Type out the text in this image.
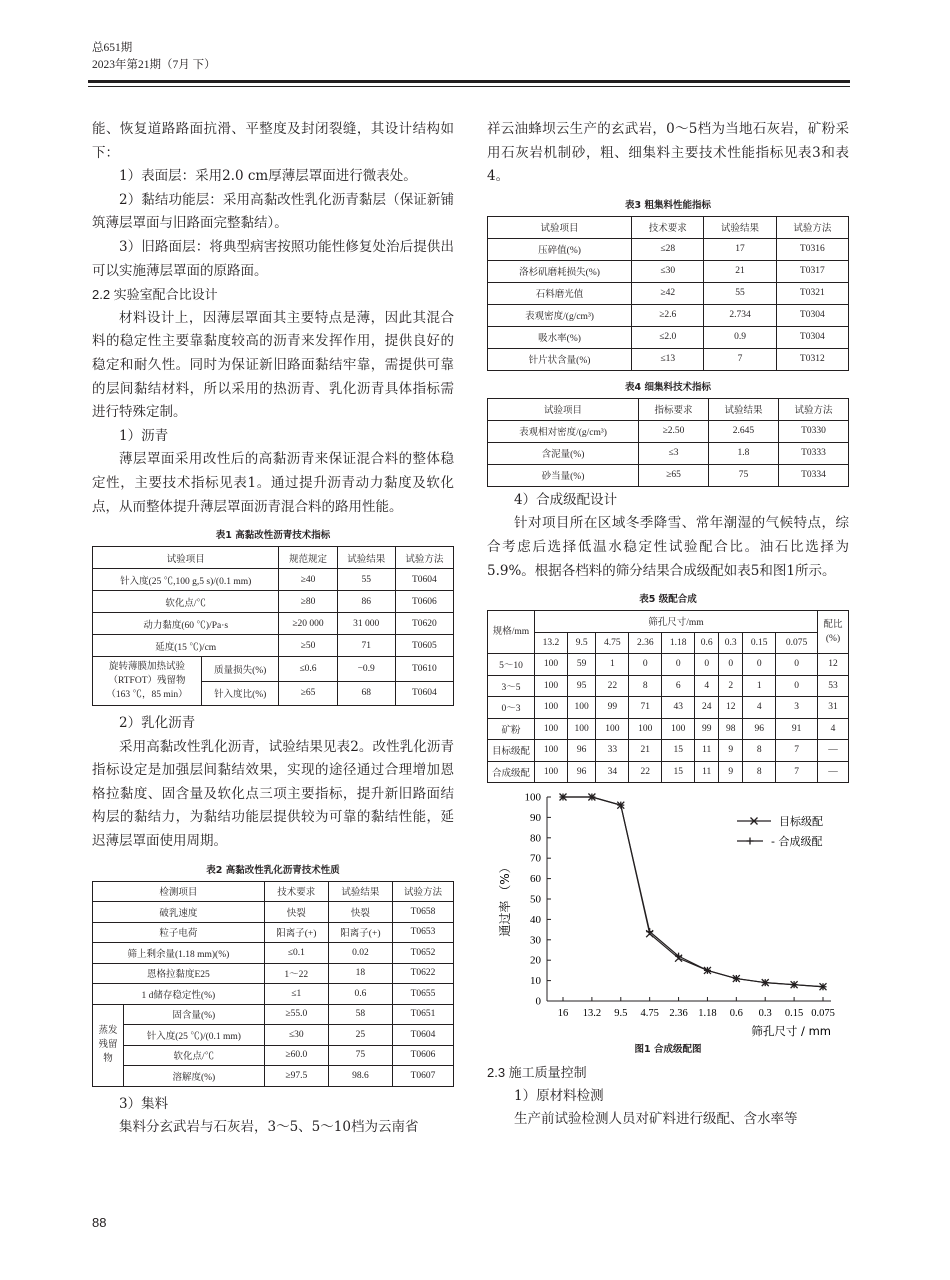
总651期
2023年第21期（7月 下）

能、恢复道路路面抗滑、平整度及封闭裂缝，其设计结构如下：

1）表面层：采用2.0 cm厚薄层罩面进行微表处。

2）黏结功能层：采用高黏改性乳化沥青黏层（保证新铺筑薄层罩面与旧路面完整黏结）。

3）旧路面层：将典型病害按照功能性修复处治后提供出可以实施薄层罩面的原路面。

2.2 实验室配合比设计

材料设计上，因薄层罩面其主要特点是薄，因此其混合料的稳定性主要靠黏度较高的沥青来发挥作用，提供良好的稳定和耐久性。同时为保证新旧路面黏结牢靠，需提供可靠的层间黏结材料，所以采用的热沥青、乳化沥青具体指标需进行特殊定制。

1）沥青

薄层罩面采用改性后的高黏沥青来保证混合料的整体稳定性，主要技术指标见表1。通过提升沥青动力黏度及软化点，从而整体提升薄层罩面沥青混合料的路用性能。

表1 高黏改性沥青技术指标
试验项目		规范规定	试验结果	试验方法
针入度(25 ℃,100 g,5 s)/(0.1 mm)		≥40	55	T0604
软化点/℃		≥80	86	T0606
动力黏度(60 ℃)/Pa·s		≥20 000	31 000	T0620
延度(15 ℃)/cm		≥50	71	T0605
旋转薄膜加热试验（RTFOT）残留物（163 ℃，85 min）	质量损失(%)	≤0.6	−0.9	T0610
	针入度比(%)	≥65	68	T0604

2）乳化沥青

采用高黏改性乳化沥青，试验结果见表2。改性乳化沥青指标设定是加强层间黏结效果，实现的途径通过合理增加恩格拉黏度、固含量及软化点三项主要指标，提升新旧路面结构层的黏结力，为黏结功能层提供较为可靠的黏结性能，延迟薄层罩面使用周期。

表2 高黏改性乳化沥青技术性质
检测项目		技术要求	试验结果	试验方法
破乳速度		快裂	快裂	T0658
粒子电荷		阳离子(+)	阳离子(+)	T0653
筛上剩余量(1.18 mm)(%)		≤0.1	0.02	T0652
恩格拉黏度E25		1～22	18	T0622
1 d储存稳定性(%)		≤1	0.6	T0655
蒸发残留物	固含量(%)	≥55.0	58	T0651
	针入度(25 ℃)/(0.1 mm)	≤30	25	T0604
	软化点/℃	≥60.0	75	T0606
	溶解度(%)	≥97.5	98.6	T0607

3）集料

集料分玄武岩与石灰岩，3～5、5～10档为云南省

祥云油蜂坝云生产的玄武岩，0～5档为当地石灰岩，矿粉采用石灰岩机制砂，粗、细集料主要技术性能指标见表3和表4。

表3 粗集料性能指标
试验项目	技术要求	试验结果	试验方法
压碎值(%)	≤28	17	T0316
洛杉矶磨耗损失(%)	≤30	21	T0317
石料磨光值	≥42	55	T0321
表观密度/(g/cm³)	≥2.6	2.734	T0304
吸水率(%)	≤2.0	0.9	T0304
针片状含量(%)	≤13	7	T0312
表4 细集料技术指标
试验项目	指标要求	试验结果	试验方法
表观相对密度/(g/cm³)	≥2.50	2.645	T0330
含泥量(%)	≤3	1.8	T0333
砂当量(%)	≥65	75	T0334

4）合成级配设计

针对项目所在区域冬季降雪、常年潮湿的气候特点，综合考虑后选择低温水稳定性试验配合比。油石比选择为5.9%。根据各档料的筛分结果合成级配如表5和图1所示。

表5 级配合成
规格/mm	筛孔尺寸/mm									配比(%)
	13.2	9.5	4.75	2.36	1.18	0.6	0.3	0.15	0.075	
5～10	100	59	1	0	0	0	0	0	0	12
3～5	100	95	22	8	6	4	2	1	0	53
0～3	100	100	99	71	43	24	12	4	3	31
矿粉	100	100	100	100	100	99	98	96	91	4
目标级配	100	96	33	21	15	11	9	8	7	—
合成级配	100	96	34	22	15	11	9	8	7	—
0
10
20
30
40
50
60
70
80
90
100
16 13.2 9.5 4.75 2.36 1.18 0.6 0.3 0.15 0.075
通过率 （%）
筛孔尺寸 / mm
目标级配
- 合成级配
图1 合成级配图

2.3 施工质量控制

1）原材料检测

生产前试验检测人员对矿料进行级配、含水率等

88
